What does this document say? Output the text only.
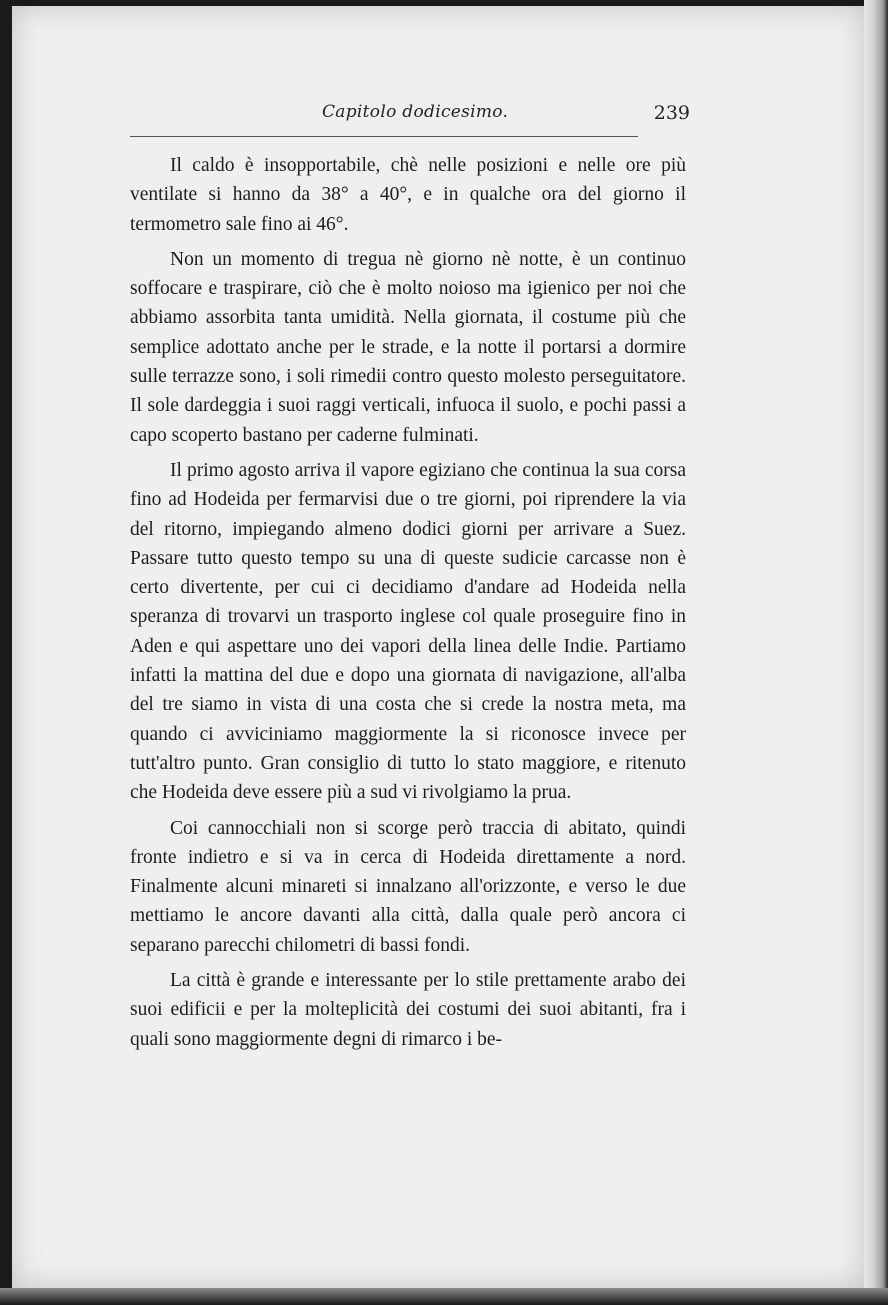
Capitolo dodicesimo.	239

Il caldo è insopportabile, chè nelle posizioni e nelle ore più ventilate si hanno da 38° a 40°, e in qualche ora del giorno il termometro sale fino ai 46°.

Non un momento di tregua nè giorno nè notte, è un continuo soffocare e traspirare, ciò che è molto noioso ma igienico per noi che abbiamo assorbita tanta umidità. Nella giornata, il costume più che semplice adottato anche per le strade, e la notte il portarsi a dormire sulle terrazze sono, i soli rimedii contro questo molesto perseguitatore. Il sole dardeggia i suoi raggi verticali, infuoca il suolo, e pochi passi a capo scoperto bastano per caderne fulminati.

Il primo agosto arriva il vapore egiziano che continua la sua corsa fino ad Hodeida per fermarvisi due o tre giorni, poi riprendere la via del ritorno, impiegando almeno dodici giorni per arrivare a Suez. Passare tutto questo tempo su una di queste sudicie carcasse non è certo divertente, per cui ci decidiamo d'andare ad Hodeida nella speranza di trovarvi un trasporto inglese col quale proseguire fino in Aden e qui aspettare uno dei vapori della linea delle Indie. Partiamo infatti la mattina del due e dopo una giornata di navigazione, all'alba del tre siamo in vista di una costa che si crede la nostra meta, ma quando ci avviciniamo maggiormente la si riconosce invece per tutt'altro punto. Gran consiglio di tutto lo stato maggiore, e ritenuto che Hodeida deve essere più a sud vi rivolgiamo la prua.

Coi cannocchiali non si scorge però traccia di abitato, quindi fronte indietro e si va in cerca di Hodeida direttamente a nord. Finalmente alcuni minareti si innalzano all'orizzonte, e verso le due mettiamo le ancore davanti alla città, dalla quale però ancora ci separano parecchi chilometri di bassi fondi.

La città è grande e interessante per lo stile prettamente arabo dei suoi edificii e per la molteplicità dei costumi dei suoi abitanti, fra i quali sono maggiormente degni di rimarco i be-
